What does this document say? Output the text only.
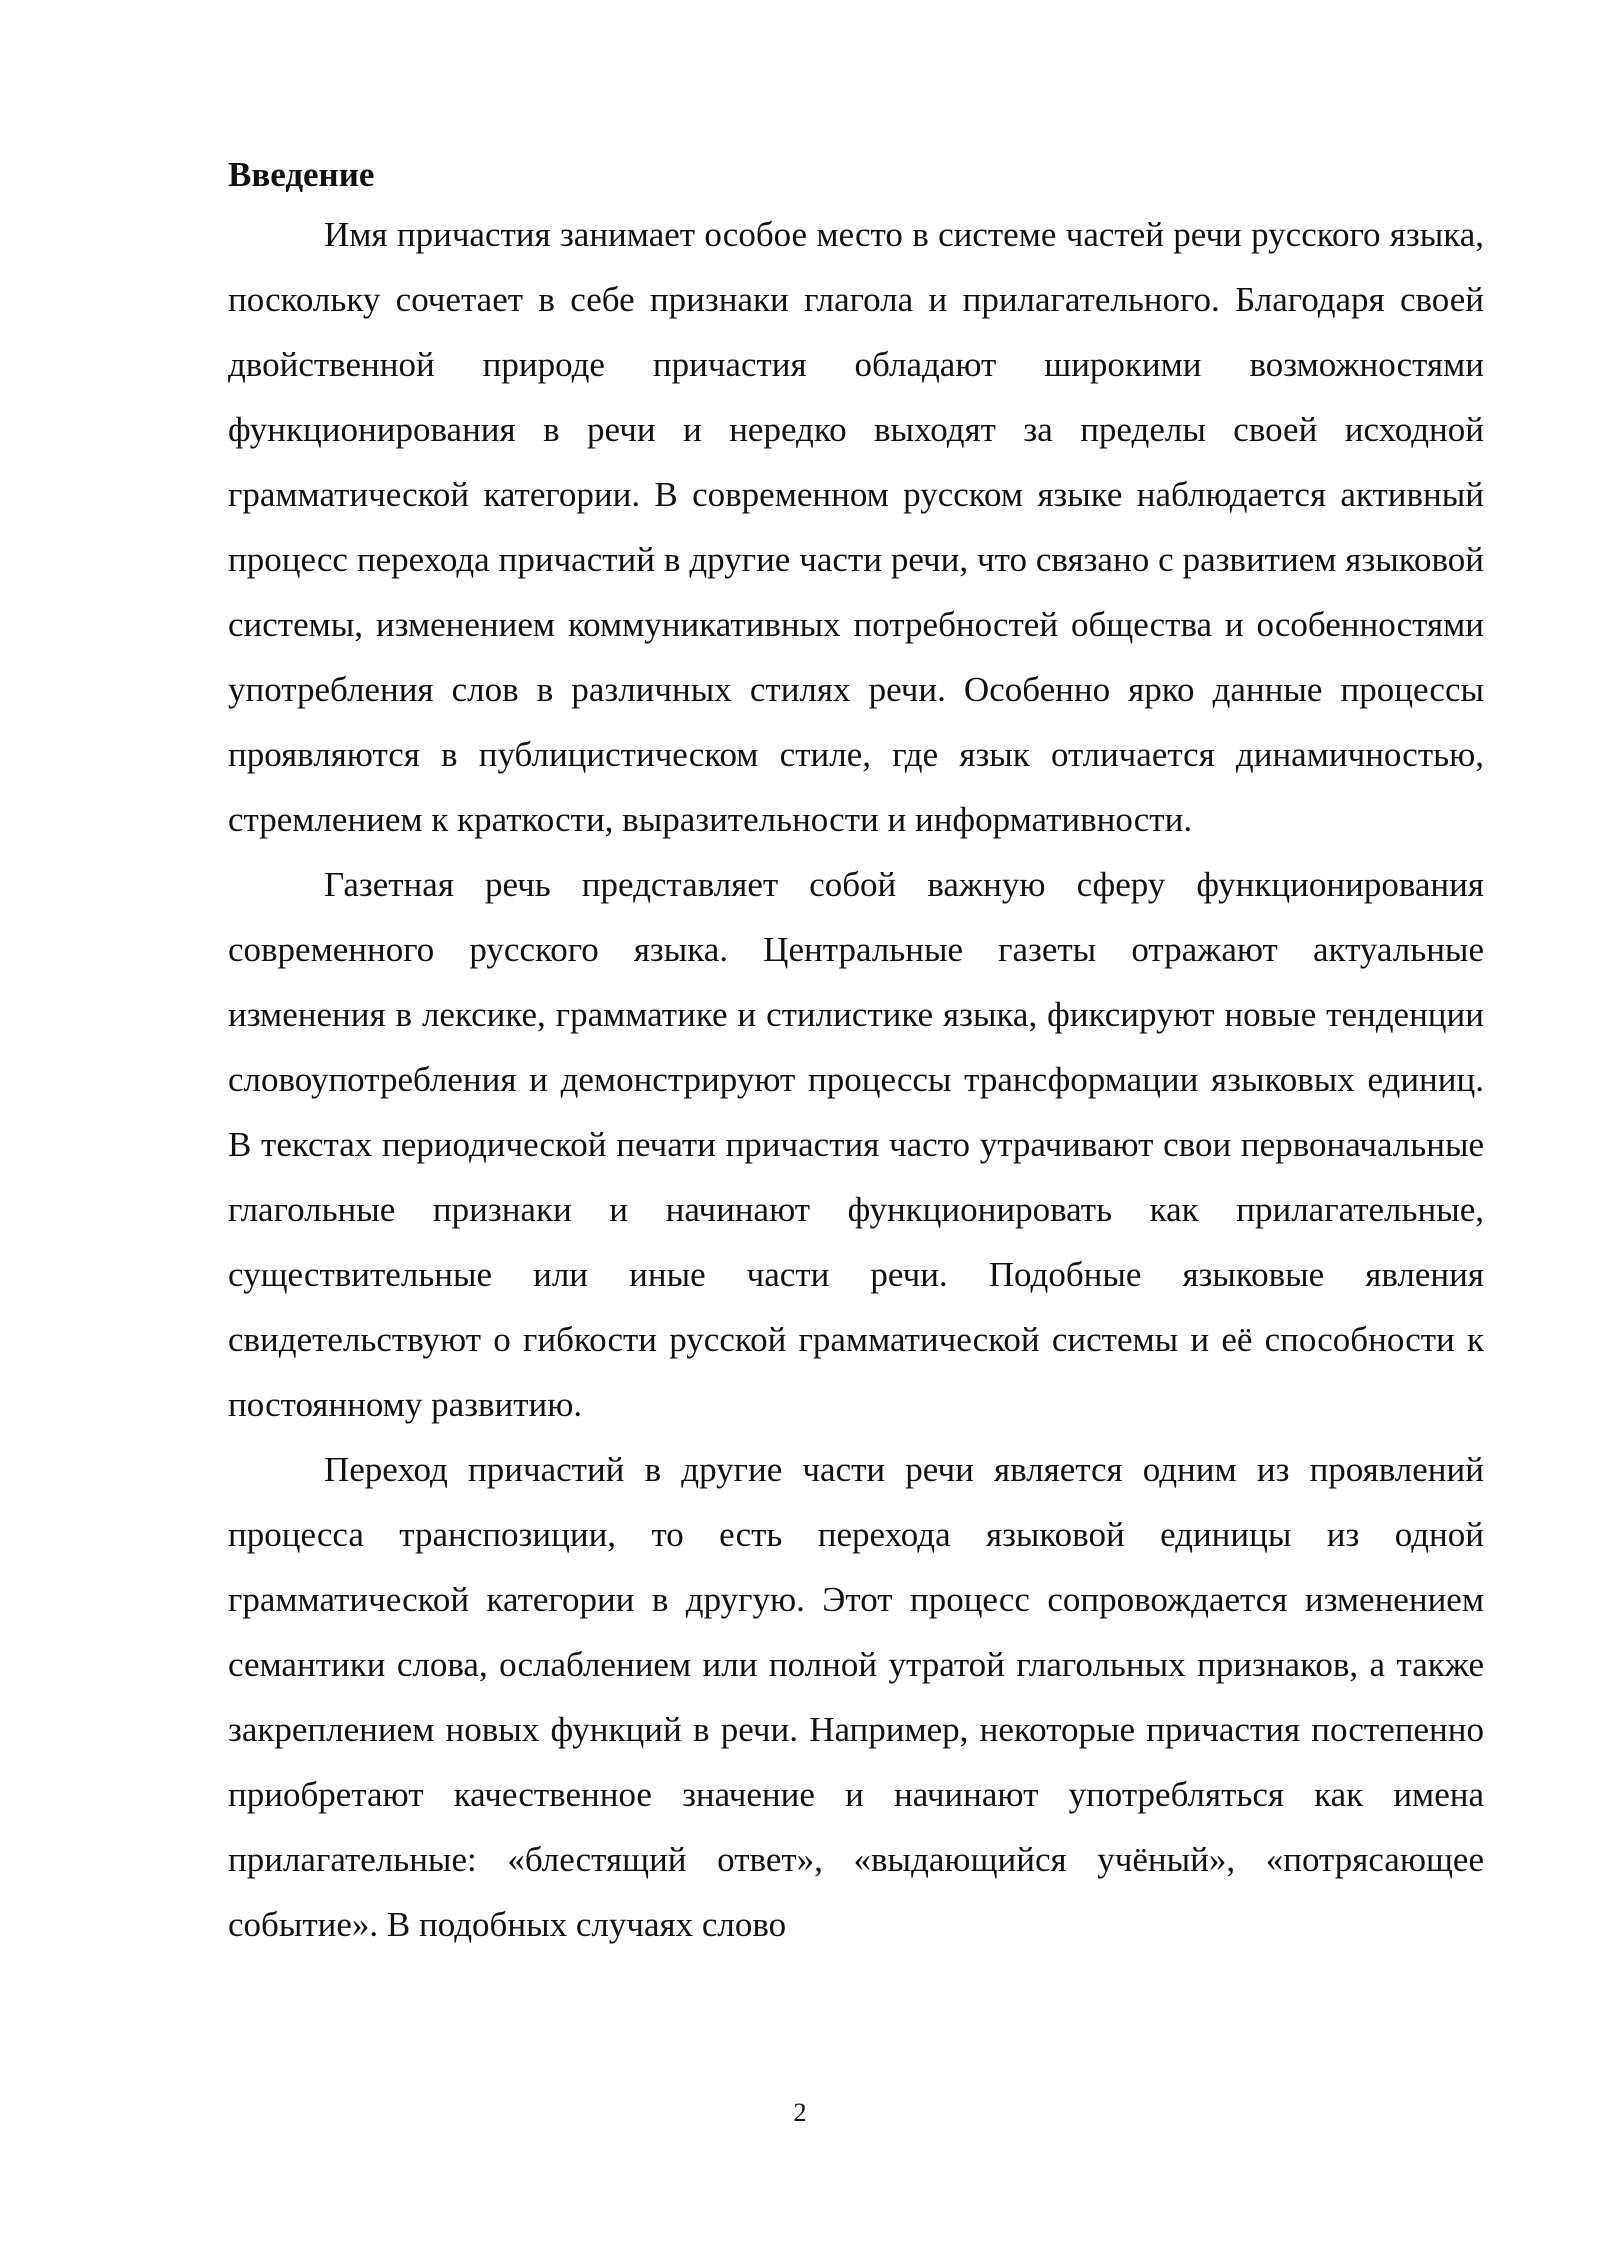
Введение

Имя причастия занимает особое место в системе частей речи русского языка, поскольку сочетает в себе признаки глагола и прилагательного. Благодаря своей двойственной природе причастия обладают широкими возможностями функционирования в речи и нередко выходят за пределы своей исходной грамматической категории. В современном русском языке наблюдается активный процесс перехода причастий в другие части речи, что связано с развитием языковой системы, изменением коммуникативных потребностей общества и особенностями употребления слов в различных стилях речи. Особенно ярко данные процессы проявляются в публицистическом стиле, где язык отличается динамичностью, стремлением к краткости, выразительности и информативности.

Газетная речь представляет собой важную сферу функционирования современного русского языка. Центральные газеты отражают актуальные изменения в лексике, грамматике и стилистике языка, фиксируют новые тенденции словоупотребления и демонстрируют процессы трансформации языковых единиц. В текстах периодической печати причастия часто утрачивают свои первоначальные глагольные признаки и начинают функционировать как прилагательные, существительные или иные части речи. Подобные языковые явления свидетельствуют о гибкости русской грамматической системы и её способности к постоянному развитию.

Переход причастий в другие части речи является одним из проявлений процесса транспозиции, то есть перехода языковой единицы из одной грамматической категории в другую. Этот процесс сопровождается изменением семантики слова, ослаблением или полной утратой глагольных признаков, а также закреплением новых функций в речи. Например, некоторые причастия постепенно приобретают качественное значение и начинают употребляться как имена прилагательные: «блестящий ответ», «выдающийся учёный», «потрясающее событие». В подобных случаях слово

2
